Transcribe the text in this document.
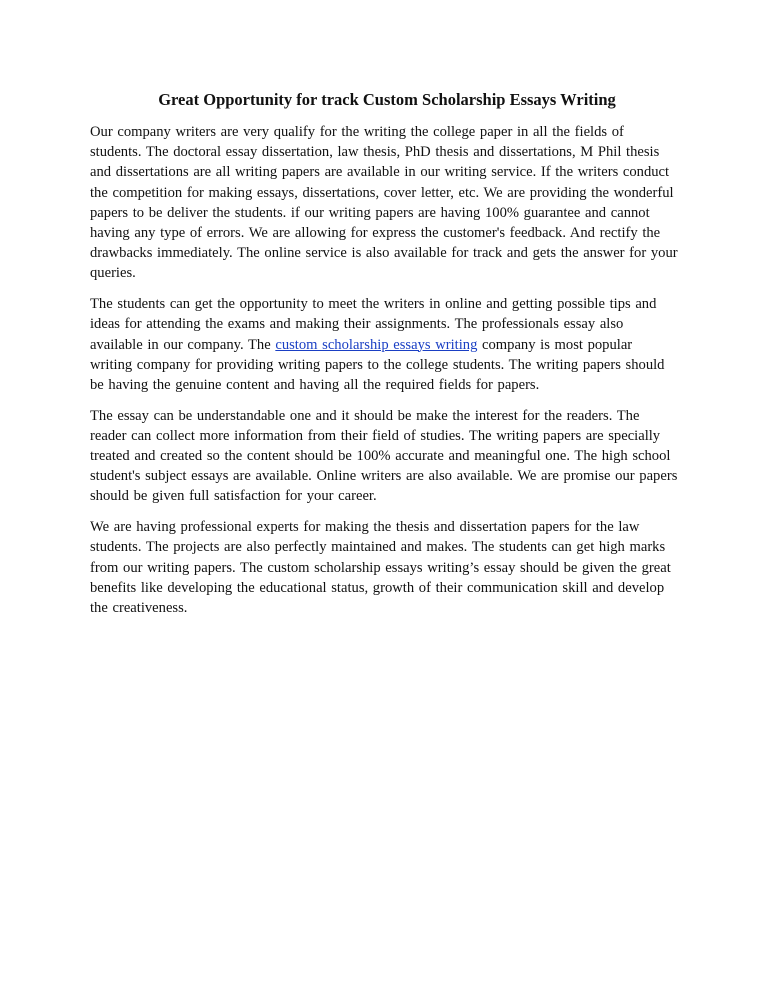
Great Opportunity for track Custom Scholarship Essays Writing

Our company writers are very qualify for the writing the college paper in all the fields of students. The doctoral essay dissertation, law thesis, PhD thesis and dissertations, M Phil thesis and dissertations are all writing papers are available in our writing service. If the writers conduct the competition for making essays, dissertations, cover letter, etc. We are providing the wonderful papers to be deliver the students. if our writing papers are having 100% guarantee and cannot having any type of errors. We are allowing for express the customer's feedback. And rectify the drawbacks immediately. The online service is also available for track and gets the answer for your queries.

The students can get the opportunity to meet the writers in online and getting possible tips and ideas for attending the exams and making their assignments. The professionals essay also available in our company. The custom scholarship essays writing company is most popular writing company for providing writing papers to the college students. The writing papers should be having the genuine content and having all the required fields for papers.

The essay can be understandable one and it should be make the interest for the readers. The reader can collect more information from their field of studies. The writing papers are specially treated and created so the content should be 100% accurate and meaningful one. The high school student's subject essays are available. Online writers are also available. We are promise our papers should be given full satisfaction for your career.

We are having professional experts for making the thesis and dissertation papers for the law students. The projects are also perfectly maintained and makes. The students can get high marks from our writing papers. The custom scholarship essays writing’s essay should be given the great benefits like developing the educational status, growth of their communication skill and develop the creativeness.
